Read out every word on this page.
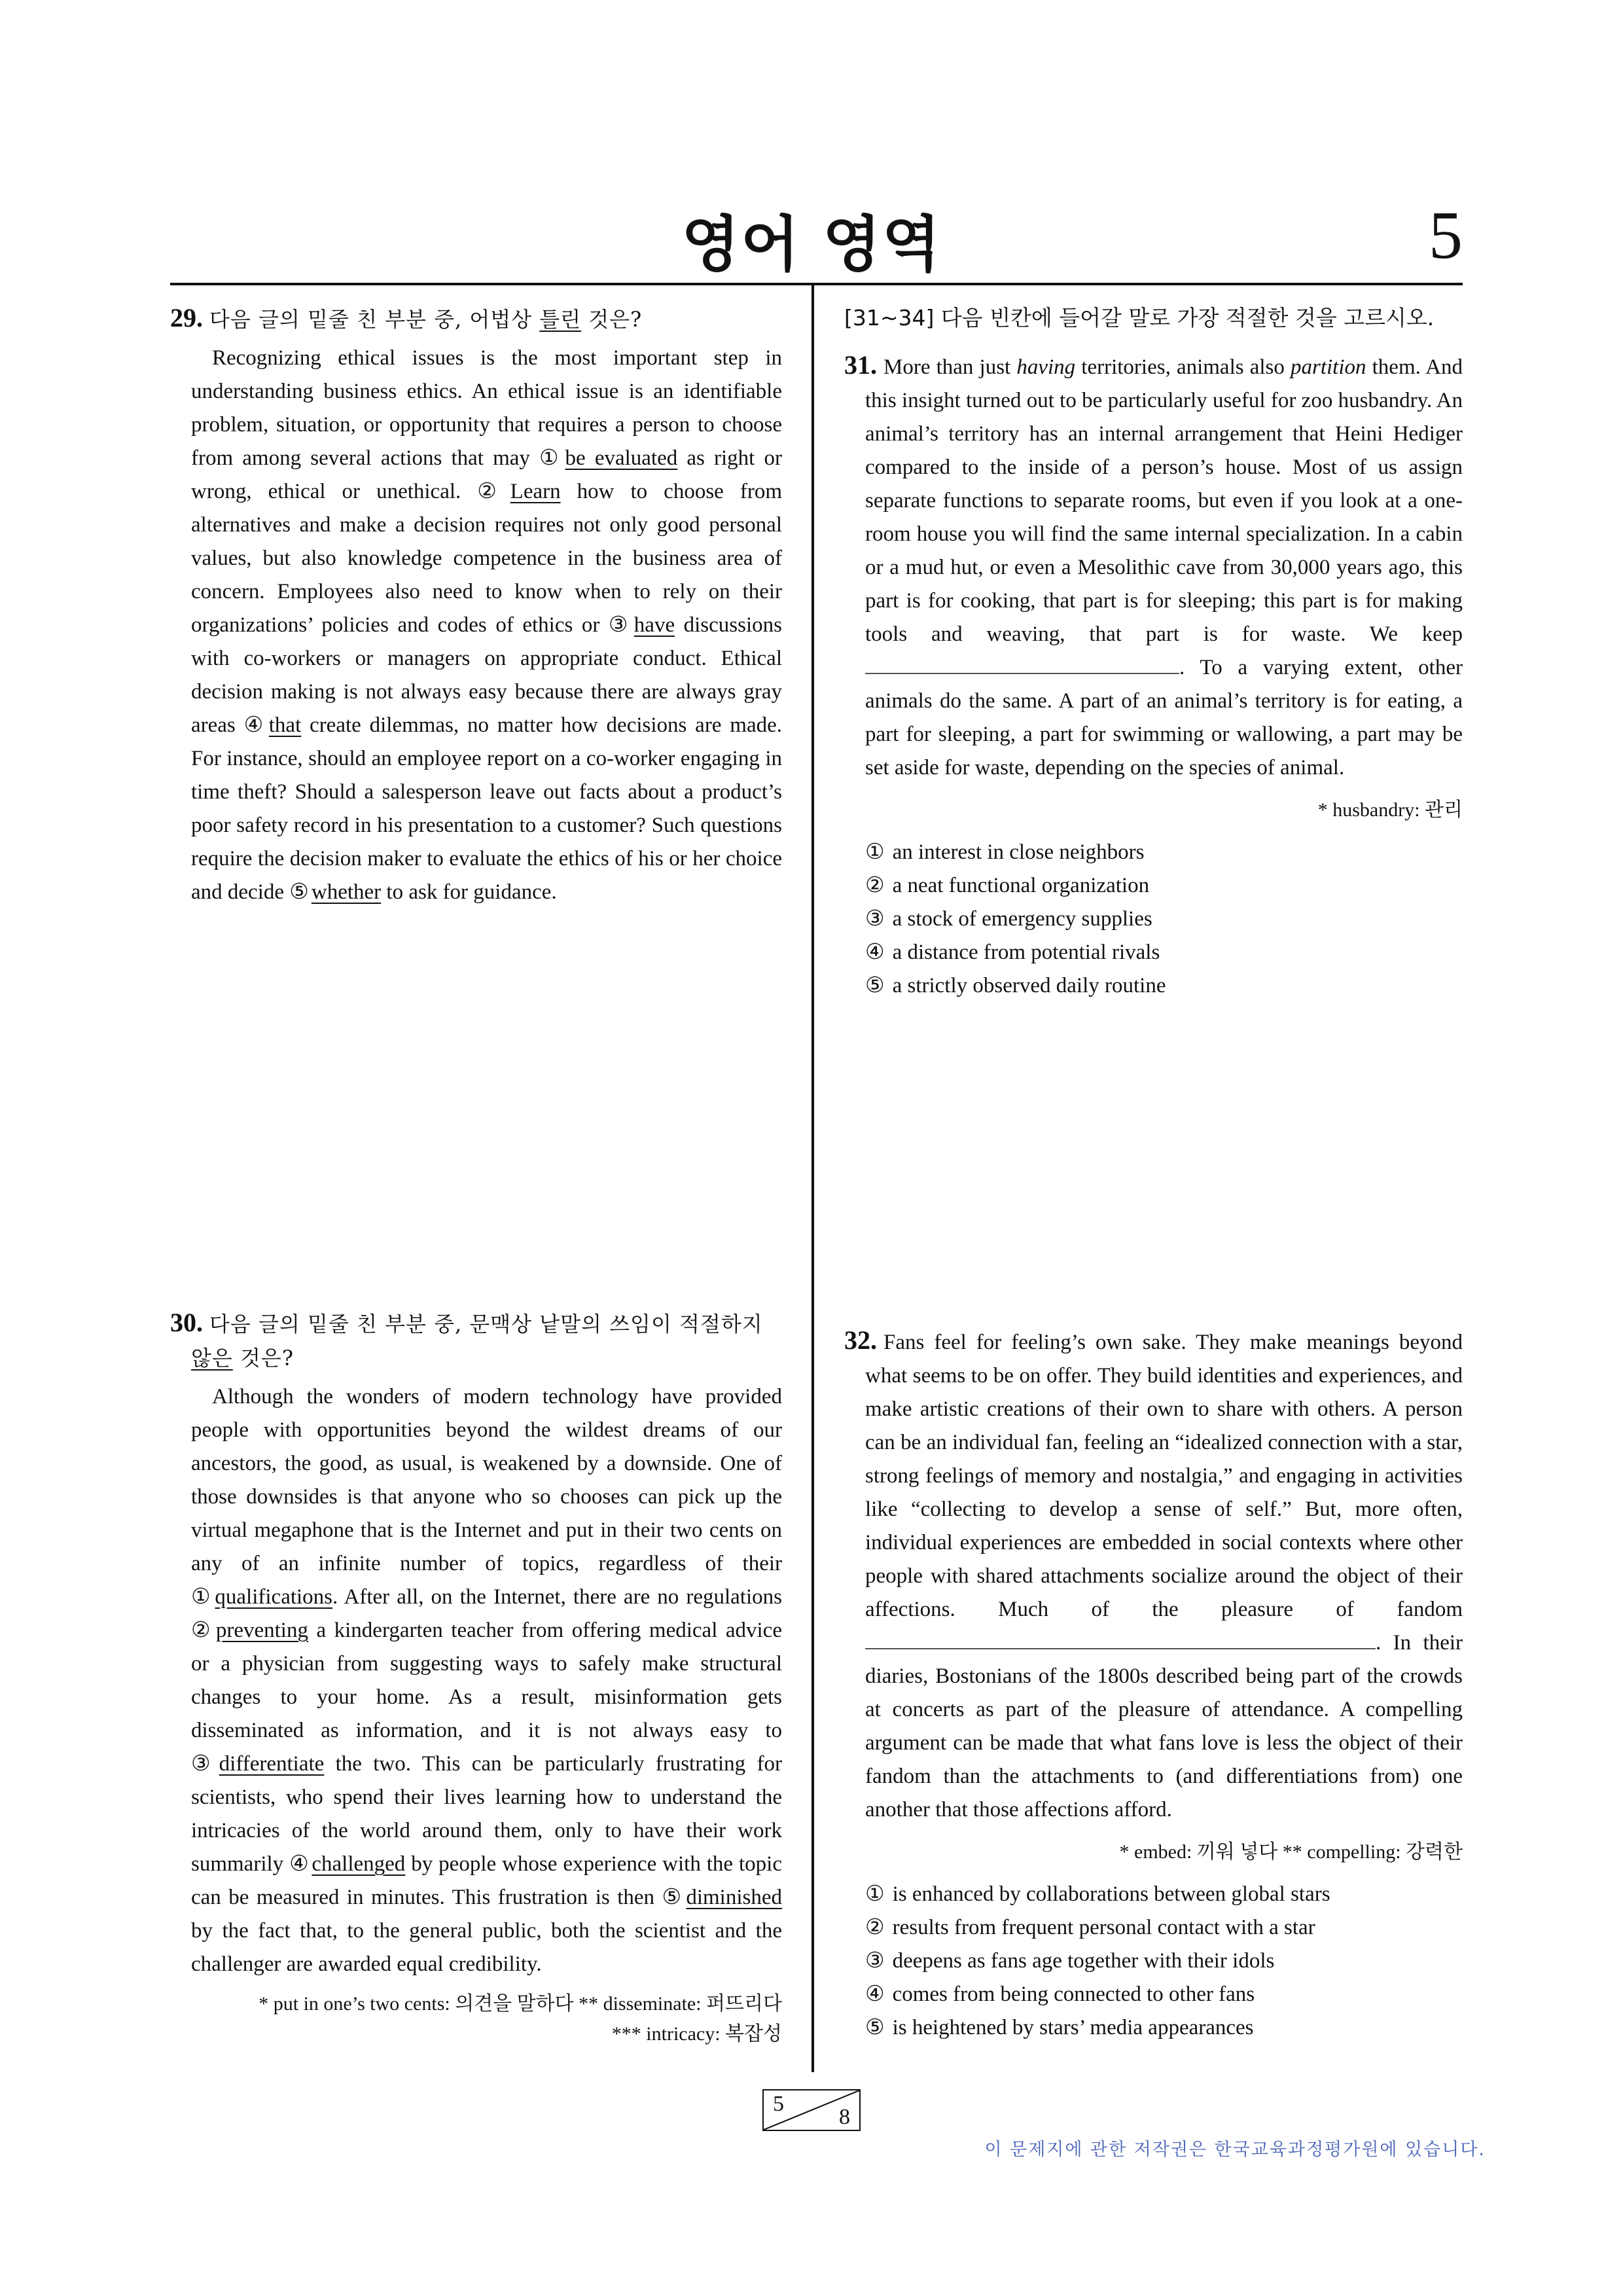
영어 영역	5
29. 다음 글의 밑줄 친 부분 중, 어법상 틀린 것은?
Recognizing ethical issues is the most important step in understanding business ethics. An ethical issue is an identifiable problem, situation, or opportunity that requires a person to choose from among several actions that may ① be evaluated as right or wrong, ethical or unethical. ② Learn how to choose from alternatives and make a decision requires not only good personal values, but also knowledge competence in the business area of concern. Employees also need to know when to rely on their organizations’ policies and codes of ethics or ③ have discussions with co-workers or managers on appropriate conduct. Ethical decision making is not always easy because there are always gray areas ④ that create dilemmas, no matter how decisions are made. For instance, should an employee report on a co-worker engaging in time theft? Should a salesperson leave out facts about a product’s poor safety record in his presentation to a customer? Such questions require the decision maker to evaluate the ethics of his or her choice and decide ⑤ whether to ask for guidance.
30. 다음 글의 밑줄 친 부분 중, 문맥상 낱말의 쓰임이 적절하지 않은 것은?
Although the wonders of modern technology have provided people with opportunities beyond the wildest dreams of our ancestors, the good, as usual, is weakened by a downside. One of those downsides is that anyone who so chooses can pick up the virtual megaphone that is the Internet and put in their two cents on any of an infinite number of topics, regardless of their ① qualifications. After all, on the Internet, there are no regulations ② preventing a kindergarten teacher from offering medical advice or a physician from suggesting ways to safely make structural changes to your home. As a result, misinformation gets disseminated as information, and it is not always easy to ③ differentiate the two. This can be particularly frustrating for scientists, who spend their lives learning how to understand the intricacies of the world around them, only to have their work summarily ④ challenged by people whose experience with the topic can be measured in minutes. This frustration is then ⑤ diminished by the fact that, to the general public, both the scientist and the challenger are awarded equal credibility.
* put in one’s two cents: 의견을 말하다 ** disseminate: 퍼뜨리다
*** intricacy: 복잡성
[31~34] 다음 빈칸에 들어갈 말로 가장 적절한 것을 고르시오.
31. More than just having territories, animals also partition them. And this insight turned out to be particularly useful for zoo husbandry. An animal’s territory has an internal arrangement that Heini Hediger compared to the inside of a person’s house. Most of us assign separate functions to separate rooms, but even if you look at a one-room house you will find the same internal specialization. In a cabin or a mud hut, or even a Mesolithic cave from 30,000 years ago, this part is for cooking, that part is for sleeping; this part is for making tools and weaving, that part is for waste. We keep . To a varying extent, other animals do the same. A part of an animal’s territory is for eating, a part for sleeping, a part for swimming or wallowing, a part may be set aside for waste, depending on the species of animal.
* husbandry: 관리
① an interest in close neighbors
② a neat functional organization
③ a stock of emergency supplies
④ a distance from potential rivals
⑤ a strictly observed daily routine
32. Fans feel for feeling’s own sake. They make meanings beyond what seems to be on offer. They build identities and experiences, and make artistic creations of their own to share with others. A person can be an individual fan, feeling an “idealized connection with a star, strong feelings of memory and nostalgia,” and engaging in activities like “collecting to develop a sense of self.” But, more often, individual experiences are embedded in social contexts where other people with shared attachments socialize around the object of their affections. Much of the pleasure of fandom . In their diaries, Bostonians of the 1800s described being part of the crowds at concerts as part of the pleasure of attendance. A compelling argument can be made that what fans love is less the object of their fandom than the attachments to (and differentiations from) one another that those affections afford.
* embed: 끼워 넣다 ** compelling: 강력한
① is enhanced by collaborations between global stars
② results from frequent personal contact with a star
③ deepens as fans age together with their idols
④ comes from being connected to other fans
⑤ is heightened by stars’ media appearances
5
8
이 문제지에 관한 저작권은 한국교육과정평가원에 있습니다.
